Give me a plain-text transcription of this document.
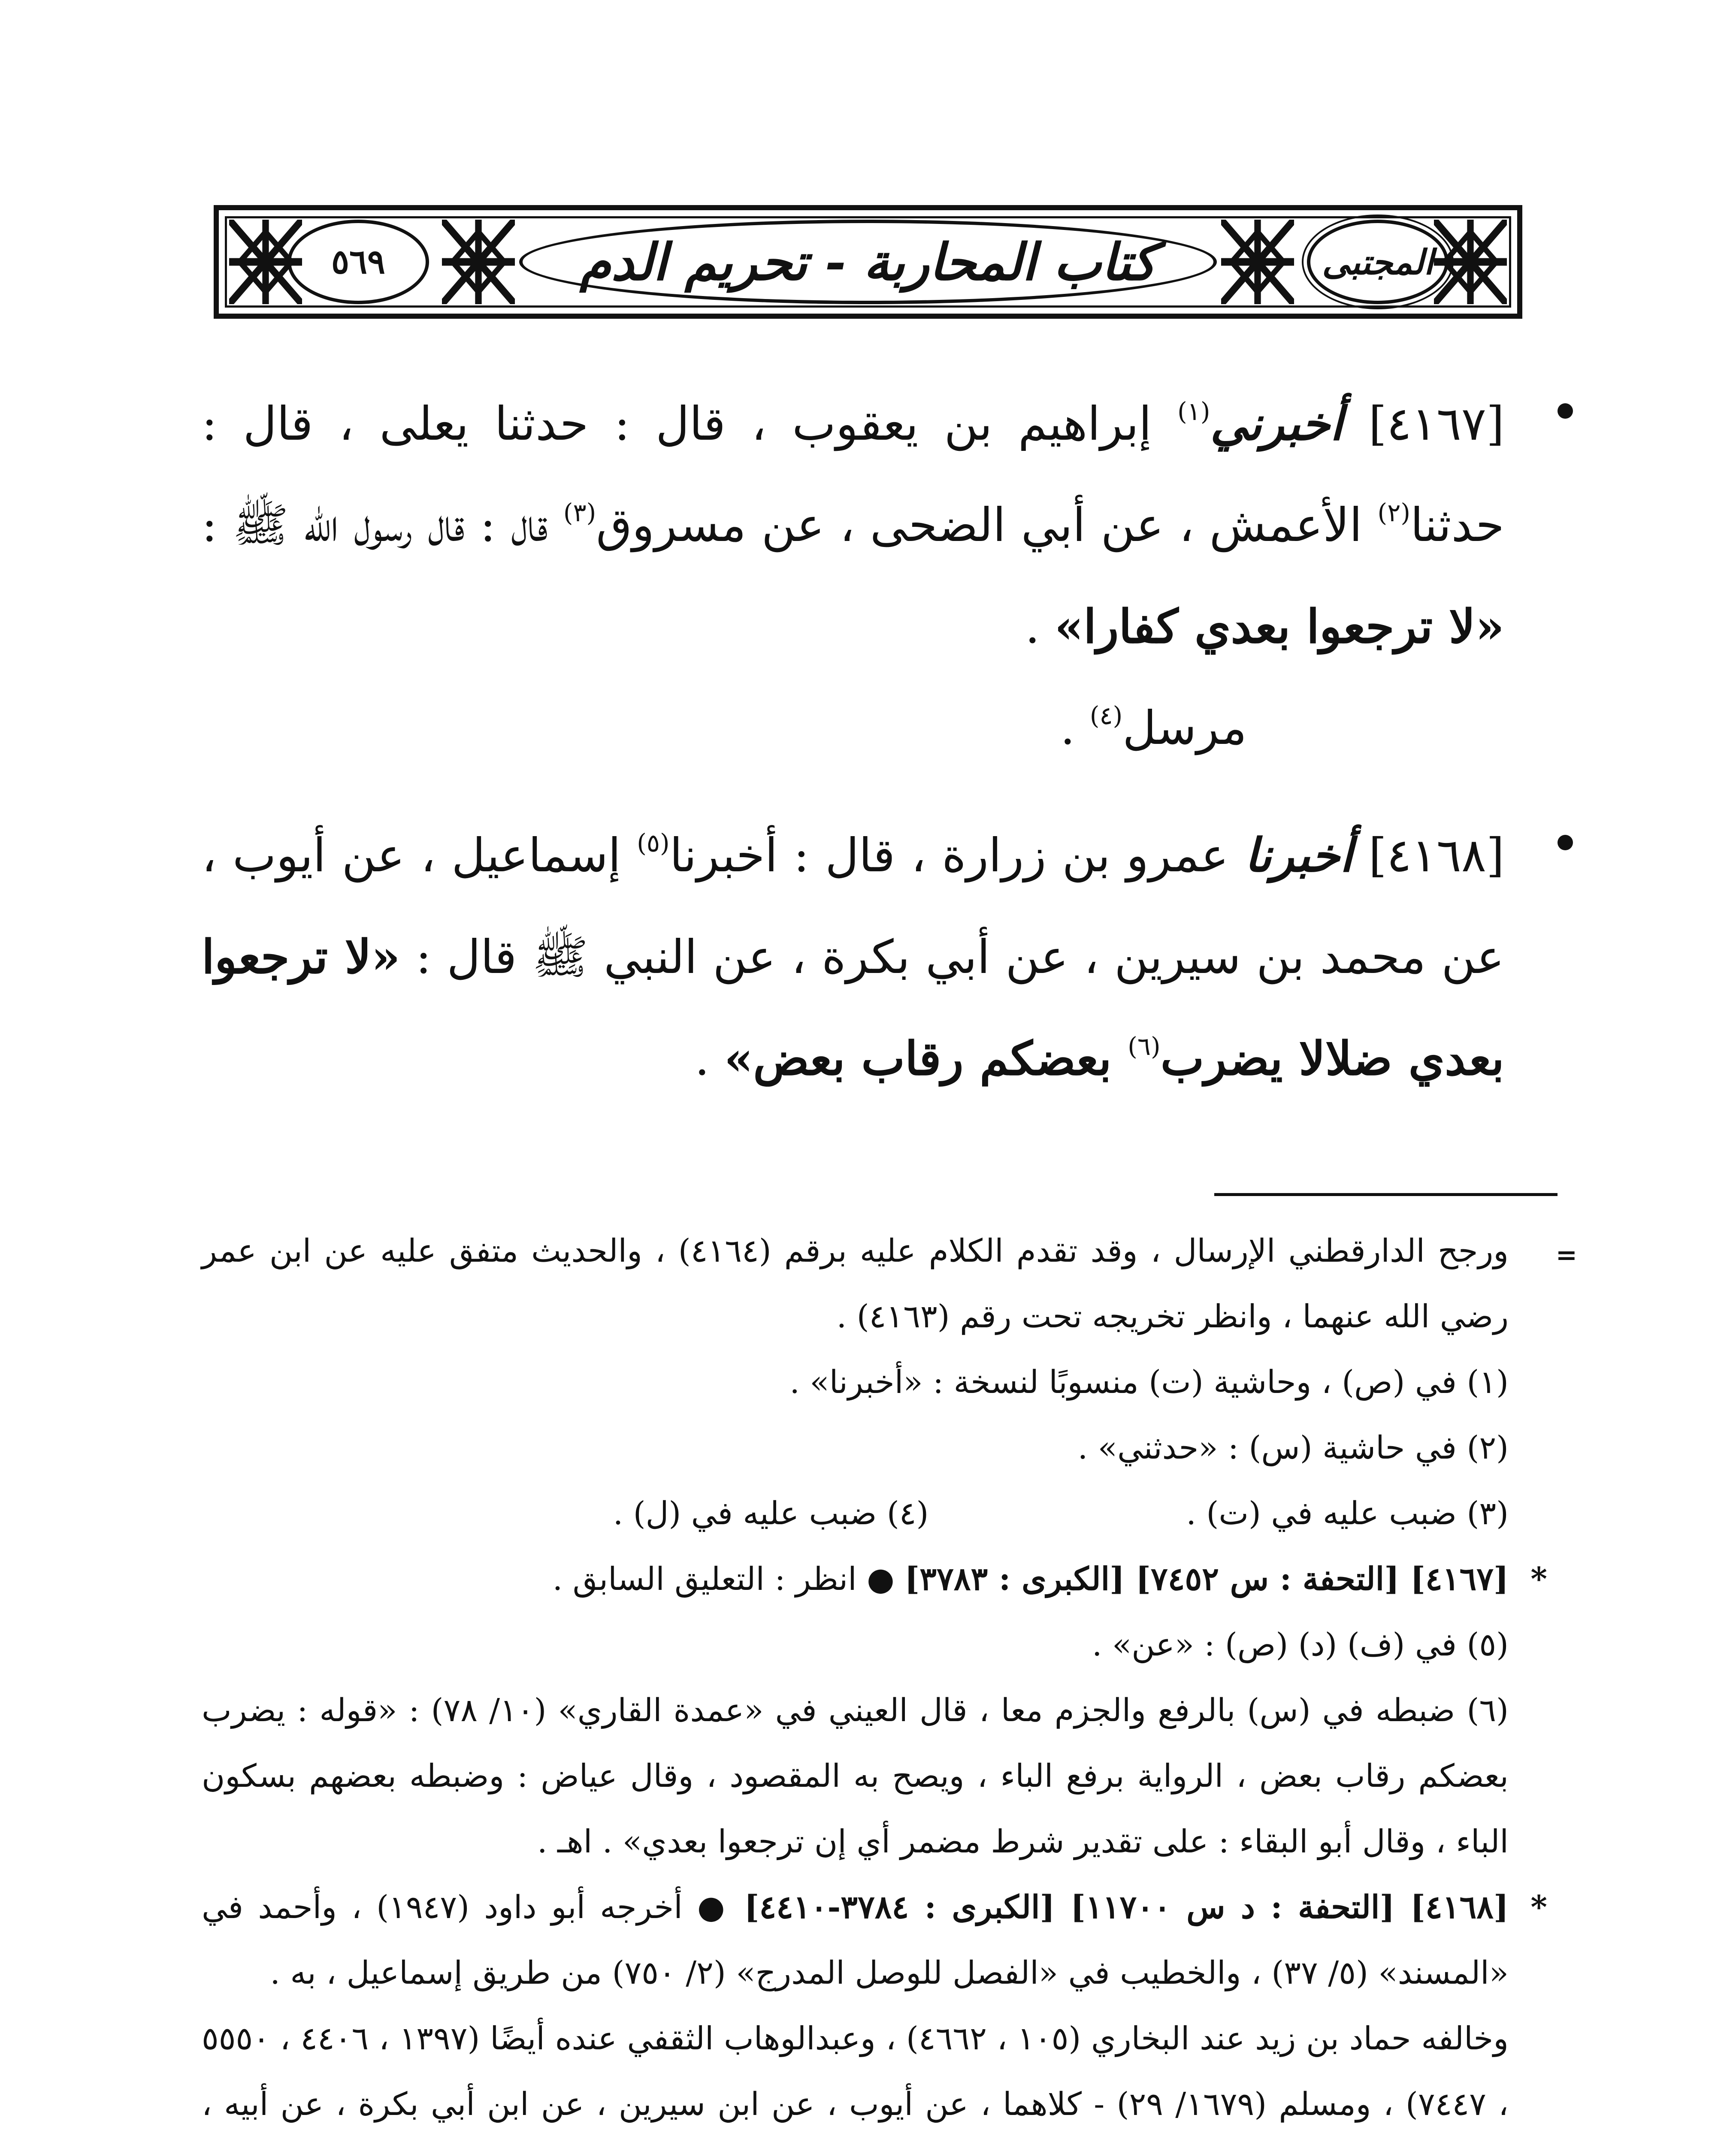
المجتبى
كتاب المحاربة - تحريم الدم
٥٦٩

[٤١٦٧] أخبرني$^{(١)}$ إبراهيم بن يعقوب ، قال : حدثنا يعلى ، قال : حدثنا$^{(٢)}$ الأعمش ، عن أبي الضحى ، عن مسروق$^{(٣)}$ قال : قال رسول الله ﷺ : «لا ترجعوا بعدي كفارا» .

مرسل$^{(٤)}$ .

[٤١٦٨] أخبرنا عمرو بن زرارة ، قال : أخبرنا$^{(٥)}$ إسماعيل ، عن أيوب ، عن محمد بن سيرين ، عن أبي بكرة ، عن النبي ﷺ قال : «لا ترجعوا بعدي ضلالا يضرب$^{(٦)}$ بعضكم رقاب بعض» .

=
ورجح الدارقطني الإرسال ، وقد تقدم الكلام عليه برقم (٤١٦٤) ، والحديث متفق عليه عن ابن عمر رضي الله عنهما ، وانظر تخريجه تحت رقم (٤١٦٣) .

(١) في (ص) ، وحاشية (ت) منسوبًا لنسخة : «أخبرنا» .

(٢) في حاشية (س) : «حدثني» .

(٣) ضبب عليه في (ت) .
(٤) ضبب عليه في (ل) .

*
[٤١٦٧] [التحفة : س ٧٤٥٢] [الكبرى : ٣٧٨٣] ● انظر : التعليق السابق .

(٥) في (ف) (د) (ص) : «عن» .

(٦) ضبطه في (س) بالرفع والجزم معا ، قال العيني في «عمدة القاري» (١٠/ ٧٨) : «قوله : يضرب بعضكم رقاب بعض ، الرواية برفع الباء ، ويصح به المقصود ، وقال عياض : وضبطه بعضهم بسكون الباء ، وقال أبو البقاء : على تقدير شرط مضمر أي إن ترجعوا بعدي» . اهـ .

*
[٤١٦٨] [التحفة : د س ١١٧٠٠] [الكبرى : ٣٧٨٤-٤٤١٠] ● أخرجه أبو داود (١٩٤٧) ، وأحمد في «المسند» (٥/ ٣٧) ، والخطيب في «الفصل للوصل المدرج» (٢/ ٧٥٠) من طريق إسماعيل ، به .

وخالفه حماد بن زيد عند البخاري (١٠٥ ، ٤٦٦٢) ، وعبدالوهاب الثقفي عنده أيضًا (١٣٩٧ ، ٤٤٠٦ ، ٥٥٥٠ ، ٧٤٤٧) ، ومسلم (١٦٧٩/ ٢٩) - كلاهما ، عن أيوب ، عن ابن سيرين ، عن ابن أبي بكرة ، عن أبيه ،
